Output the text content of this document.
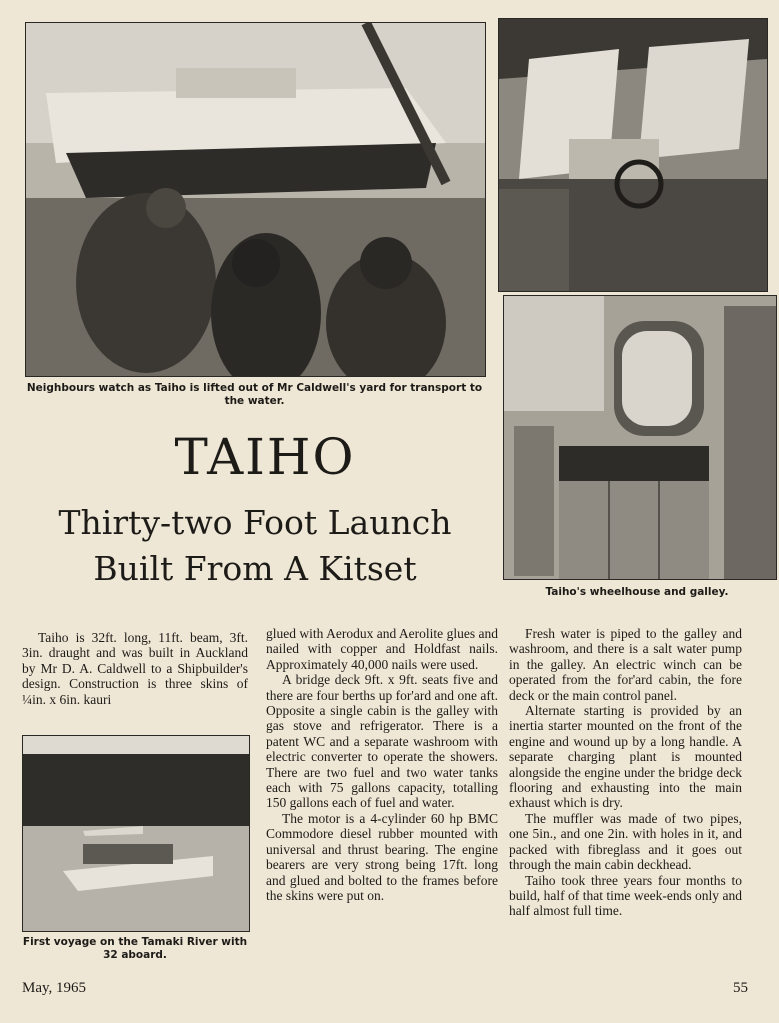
Neighbours watch as Taiho is lifted out of Mr Caldwell's yard for transport to the water.
Taiho's wheelhouse and galley.
TAIHO
Thirty-two Foot Launch Built From A Kitset

Taiho is 32ft. long, 11ft. beam, 3ft. 3in. draught and was built in Auckland by Mr D. A. Caldwell to a Shipbuilder's design. Construction is three skins of ¼in. x 6in. kauri

First voyage on the Tamaki River with 32 aboard.

glued with Aerodux and Aerolite glues and nailed with copper and Holdfast nails. Approximately 40,000 nails were used.

A bridge deck 9ft. x 9ft. seats five and there are four berths up for'ard and one aft. Opposite a single cabin is the galley with gas stove and refrigerator. There is a patent WC and a separate washroom with electric converter to operate the showers. There are two fuel and two water tanks each with 75 gallons capacity, totalling 150 gallons each of fuel and water.

The motor is a 4-cylinder 60 hp BMC Commodore diesel rubber mounted with universal and thrust bearing. The engine bearers are very strong being 17ft. long and glued and bolted to the frames before the skins were put on.

Fresh water is piped to the galley and washroom, and there is a salt water pump in the galley. An electric winch can be operated from the for'ard cabin, the fore deck or the main control panel.

Alternate starting is provided by an inertia starter mounted on the front of the engine and wound up by a long handle. A separate charging plant is mounted alongside the engine under the bridge deck flooring and exhausting into the main exhaust which is dry.

The muffler was made of two pipes, one 5in., and one 2in. with holes in it, and packed with fibreglass and it goes out through the main cabin deckhead.

Taiho took three years four months to build, half of that time week-ends only and half almost full time.

May, 1965	55
